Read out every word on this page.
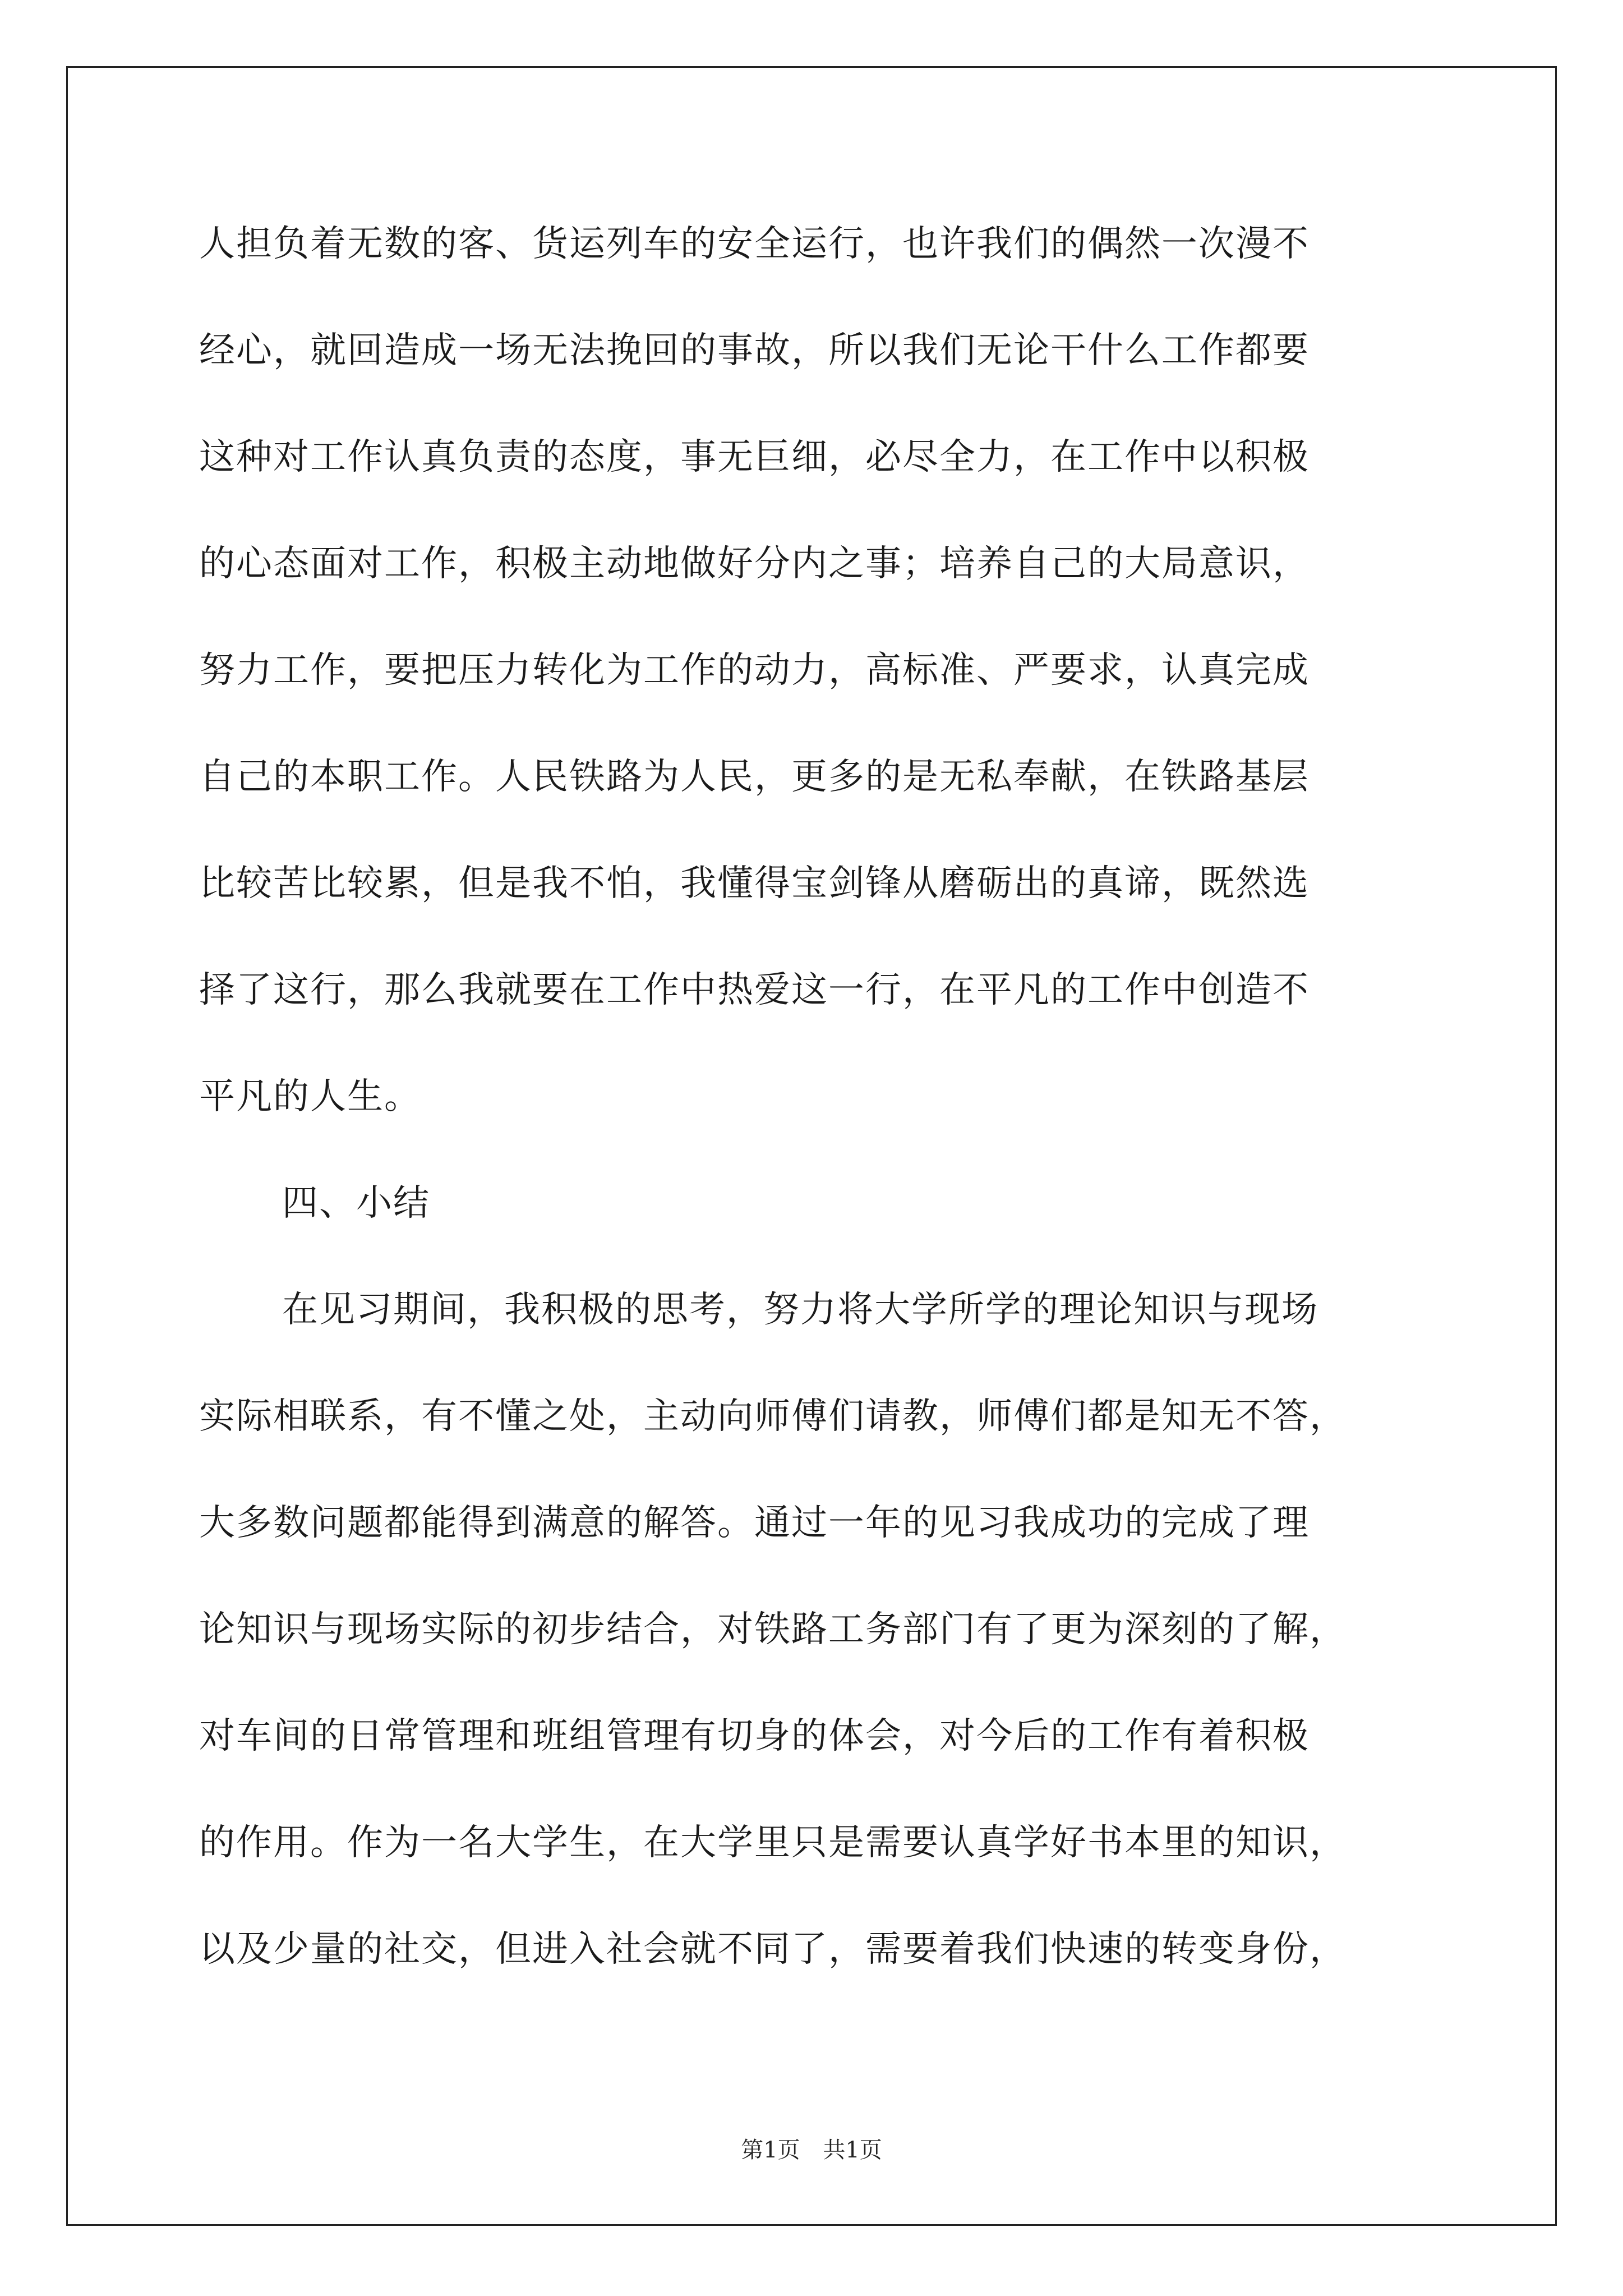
人担负着无数的客、货运列车的安全运行，也许我们的偶然一次漫不
经心，就回造成一场无法挽回的事故，所以我们无论干什么工作都要
这种对工作认真负责的态度，事无巨细，必尽全力，在工作中以积极
的心态面对工作，积极主动地做好分内之事；培养自己的大局意识，
努力工作，要把压力转化为工作的动力，高标准、严要求，认真完成
自己的本职工作。人民铁路为人民，更多的是无私奉献，在铁路基层
比较苦比较累，但是我不怕，我懂得宝剑锋从磨砺出的真谛，既然选
择了这行，那么我就要在工作中热爱这一行，在平凡的工作中创造不
平凡的人生。
四、小结
在见习期间，我积极的思考，努力将大学所学的理论知识与现场
实际相联系，有不懂之处，主动向师傅们请教，师傅们都是知无不答，
大多数问题都能得到满意的解答。通过一年的见习我成功的完成了理
论知识与现场实际的初步结合，对铁路工务部门有了更为深刻的了解，
对车间的日常管理和班组管理有切身的体会，对今后的工作有着积极
的作用。作为一名大学生，在大学里只是需要认真学好书本里的知识，
以及少量的社交，但进入社会就不同了，需要着我们快速的转变身份，
第1页 共1页
